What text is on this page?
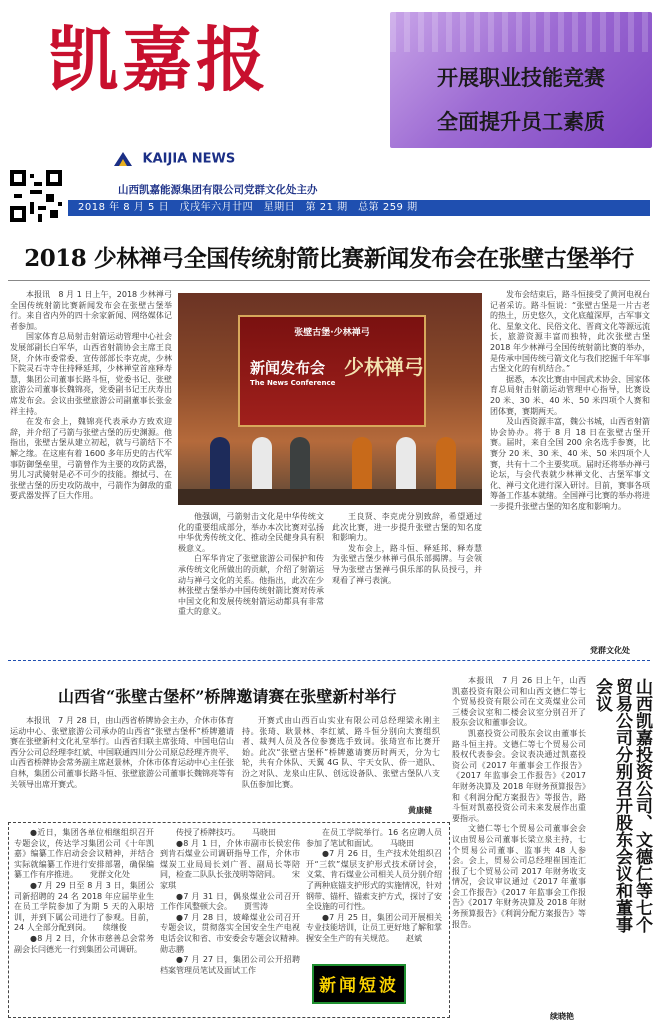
凯嘉报	开展职业技能竞赛
全面提升员工素质
KAIJIA NEWS
山西凯嘉能源集团有限公司党群文化处主办
2018 年 8 月 5 日　戊戌年六月廿四　星期日　第 21 期　总第 259 期
2018 少林禅弓全国传统射箭比赛新闻发布会在张壁古堡举行

本报讯　8 月 1 日上午，2018 少林禅弓全国传统射箭比赛新闻发布会在张壁古堡举行。来自省内外的四十余家新闻、网络媒体记者参加。

国家体育总局射击射箭运动管理中心社会发展部副长白军华，山西省射箭协会主席王良贤，介休市委常委、宣传部部长李克虎，少林下院灵石寺寺住持释延邦，少林禅堂首座释寿慧，集团公司董事长路斗恒，党委书记、张壁旅游公司董事长魏锦亮，党委副书记王庆寿出席发布会。会议由张壁旅游公司副董事长张金祥主持。

在发布会上，魏锦亮代表承办方致欢迎辞，并介绍了弓箭与张壁古堡的历史渊源。他指出，张壁古堡从建立初起，就与弓箭结下不解之缘。在这座有着 1600 多年历史的古代军事防御堡垒里，弓箭曾作为主要的攻防武器，男儿习武骑射是必不可少的技能。擦拭弓、在张壁古堡的历史攻防战中，弓箭作为御敌的重要武器发挥了巨大作用。

张壁古堡·少林禅弓
新闻发布会
The News Conference
少林禅弓

他强调，弓箭射击文化是中华传统文化的重要组成部分，举办本次比赛对弘扬中华优秀传统文化、推动全民健身具有积极意义。

白军华肯定了张壁旅游公司保护和传承传统文化所做出的贡献，介绍了射箭运动与禅弓文化的关系。他指出，此次在少林张壁古堡举办中国传统射箭比赛对传承中国文化和发展传统射箭运动都具有非常重大的意义。

王良贤、李克虎分别致辞，希望通过此次比赛，进一步提升张壁古堡的知名度和影响力。

发布会上，路斗恒、释延邦、释寿慧为张壁古堡少林禅弓俱乐部揭牌。与会领导为张壁古堡禅弓俱乐部的队员授弓，并观看了禅弓表演。

发布会结束后，路斗恒接受了黄河电视台记者采访。路斗恒说：“张壁古堡是一片古老的热土，历史悠久，文化底蕴深厚，古军事文化、星象文化、民俗文化、晋商文化等源远流长，旅游资源丰富而独特，此次张壁古堡 2018 年少林禅弓全国传统射箭比赛的举办，是传承中国传统弓箭文化与我们挖掘千年军事古堡文化的有机结合。”

据悉，本次比赛由中国武术协会、国家体育总局射击射箭运动管理中心指导，比赛设 20 米、30 米、40 米、50 米四项个人赛和团体赛，赛期两天。

及山西资源丰富，魏公书城，山西省射箭协会协办。将于 8 月 18 日在张壁古堡开赛。届时，来自全国 200 余名选手参赛，比赛分 20 米、30 米、40 米、50 米四项个人赛，共有十二个主要奖项。届时还将举办禅弓论坛，与会代表就少林禅文化、古堡军事文化、禅弓文化进行深入研讨。目前，赛事各项筹备工作基本就绪。全国禅弓比赛的举办将进一步提升张壁古堡的知名度和影响力。

党群文化处
山西省“张壁古堡杯”桥牌邀请赛在张壁新村举行

本报讯　7 月 28 日，由山西省桥牌协会主办，介休市体育运动中心、张壁旅游公司承办的山西省“张壁古堡杯”桥牌邀请赛在张壁新村文化礼堂举行。山西省归联主席张琦、中国电信山西分公司总经理李红斌、中国联通四川分公司原总经理齐贵平、山西省桥牌协会常务副主席赵景林，介休市体育运动中心主任张自林，集团公司董事长路斗恒、张壁旅游公司董事长魏锦亮等有关领导出席开赛式。

开赛式由山西百山实业有限公司总经理梁永刚主持。张琦、耿景林、李红斌、路斗恒分别向大赛组织者、裁判人员及各位参赛选手致词。张琦宣布比赛开始。此次“张壁古堡杯”桥牌邀请赛历时两天，分为七轮，共有介休队、天翼 4G 队、宇天女队、侨一道队、汾之对队、龙泉山庄队、创远设备队、张壁古堡队八支队伍参加比赛。

黄康健

本报讯　7 月 26 日上午，山西凯嘉投资有限公司和山西文德仁等七个贸易投资有限公司在文英煤业公司三楼会议室和二楼会议室分别召开了股东会议和董事会议。

凯嘉投资公司股东会议由董事长路斗恒主持。文德仁等七个贸易公司股权代表参会。会议表决通过凯嘉投资公司《2017 年董事会工作报告》《2017 年监事会工作报告》《2017 年财务决算及 2018 年财务预算报告》和《利润分配方案报告》等报告，路斗恒对凯嘉投资公司未来发展作出重要指示。

文德仁等七个贸易公司董事会会议由贸易公司董事长梁立泉主持，七个贸易公司董事、监事共 48 人参会。会上，贸易公司总经理崔国连汇报了七个贸易公司 2017 年财务收支情况，会议审议通过《2017 年董事会工作报告》《2017 年监事会工作报告》《2017 年财务决算及 2018 年财务预算报告》《利润分配方案报告》等报告。

续晓艳
山西凯嘉投资公司、文德仁等七个贸易公司分别召开股东会议和董事会议

●近日，集团各单位相继组织召开专题会议，传达学习集团公司《十年凯嘉》编纂工作启动会会议精神，并结合实际就编纂工作进行安排部署，确保编纂工作有序推进。　　党群文化处

●7 月 29 日至 8 月 3 日，集团公司新招聘的 24 名 2018 年应届毕业生在员工学院参加了为期 5 天的入职培训，并到下属公司进行了参观。目前，24 人全部分配到岗。　　续继俊

●8 月 2 日，介休市慈善总会常务副会长闫德光一行到集团公司调研。

传授了桥牌技巧。　　马晓田

●8 月 1 日，介休市副市长侯宏伟到肯石煤业公司调研指导工作，介休市煤炭工业局局长刘广晋、副局长等陪同，检查二队队长张茂明等陪同。　　宋家琪

●7 月 31 日，偶泉煤业公司召开工作作风整顿大会。　　贾雪涛

●7 月 28 日，坡峰煤业公司召开专题会议，贯彻落实全国安全生产电视电话会议和省、市安委会专题会议精神。　　勋志鹏

●7 月 27 日，集团公司公开招聘档案管理员笔试及面试工作

在员工学院举行。16 名应聘人员参加了笔试和面试。　　马晓田

●7 月 26 日，生产技术处组织召开“三软”煤层支护形式技术研讨会，义棠、肯石煤业公司相关人员分别介绍了两种底锚支护形式的实施情况，针对钢带、锚杆、锚索支护方式，探讨了安全设施的可行性。

●7 月 25 日，集团公司开展相关专业技能培训，让员工更好地了解和掌握安全生产的有关规范。　　赵斌

新闻短波
